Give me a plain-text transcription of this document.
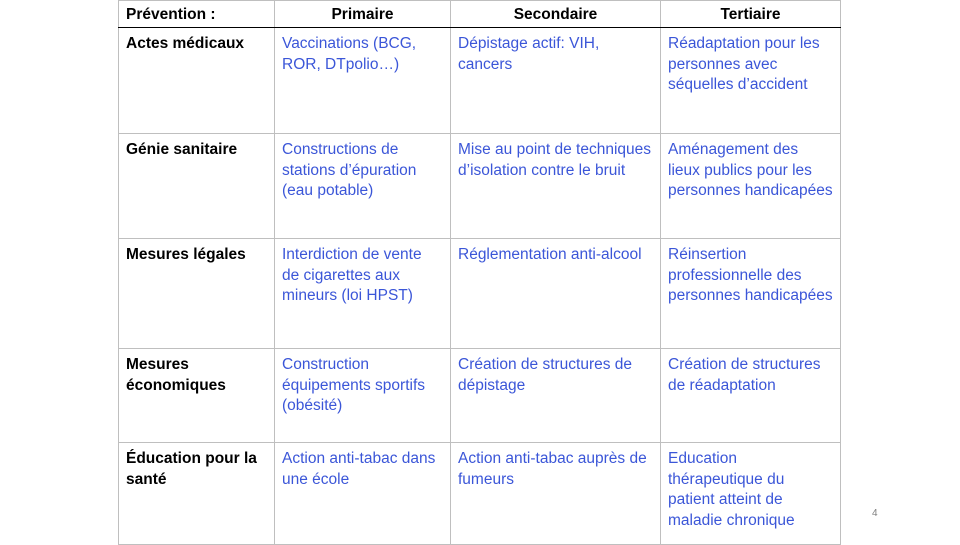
Prévention :	Primaire	Secondaire	Tertiaire
Actes médicaux	Vaccinations (BCG, ROR, DTpolio…)	Dépistage actif: VIH, cancers	Réadaptation pour les personnes avec séquelles d’accident
Génie sanitaire	Constructions de stations d’épuration (eau potable)	Mise au point de techniques d’isolation contre le bruit	Aménagement des lieux publics pour les personnes handicapées
Mesures légales	Interdiction de vente de cigarettes aux mineurs (loi HPST)	Réglementation anti-alcool	Réinsertion professionnelle des personnes handicapées
Mesures économiques	Construction équipements sportifs (obésité)	Création de structures de dépistage	Création de structures de réadaptation
Éducation pour la santé	Action anti-tabac dans une école	Action anti-tabac auprès de fumeurs	Education thérapeutique du patient atteint de maladie chronique	4
